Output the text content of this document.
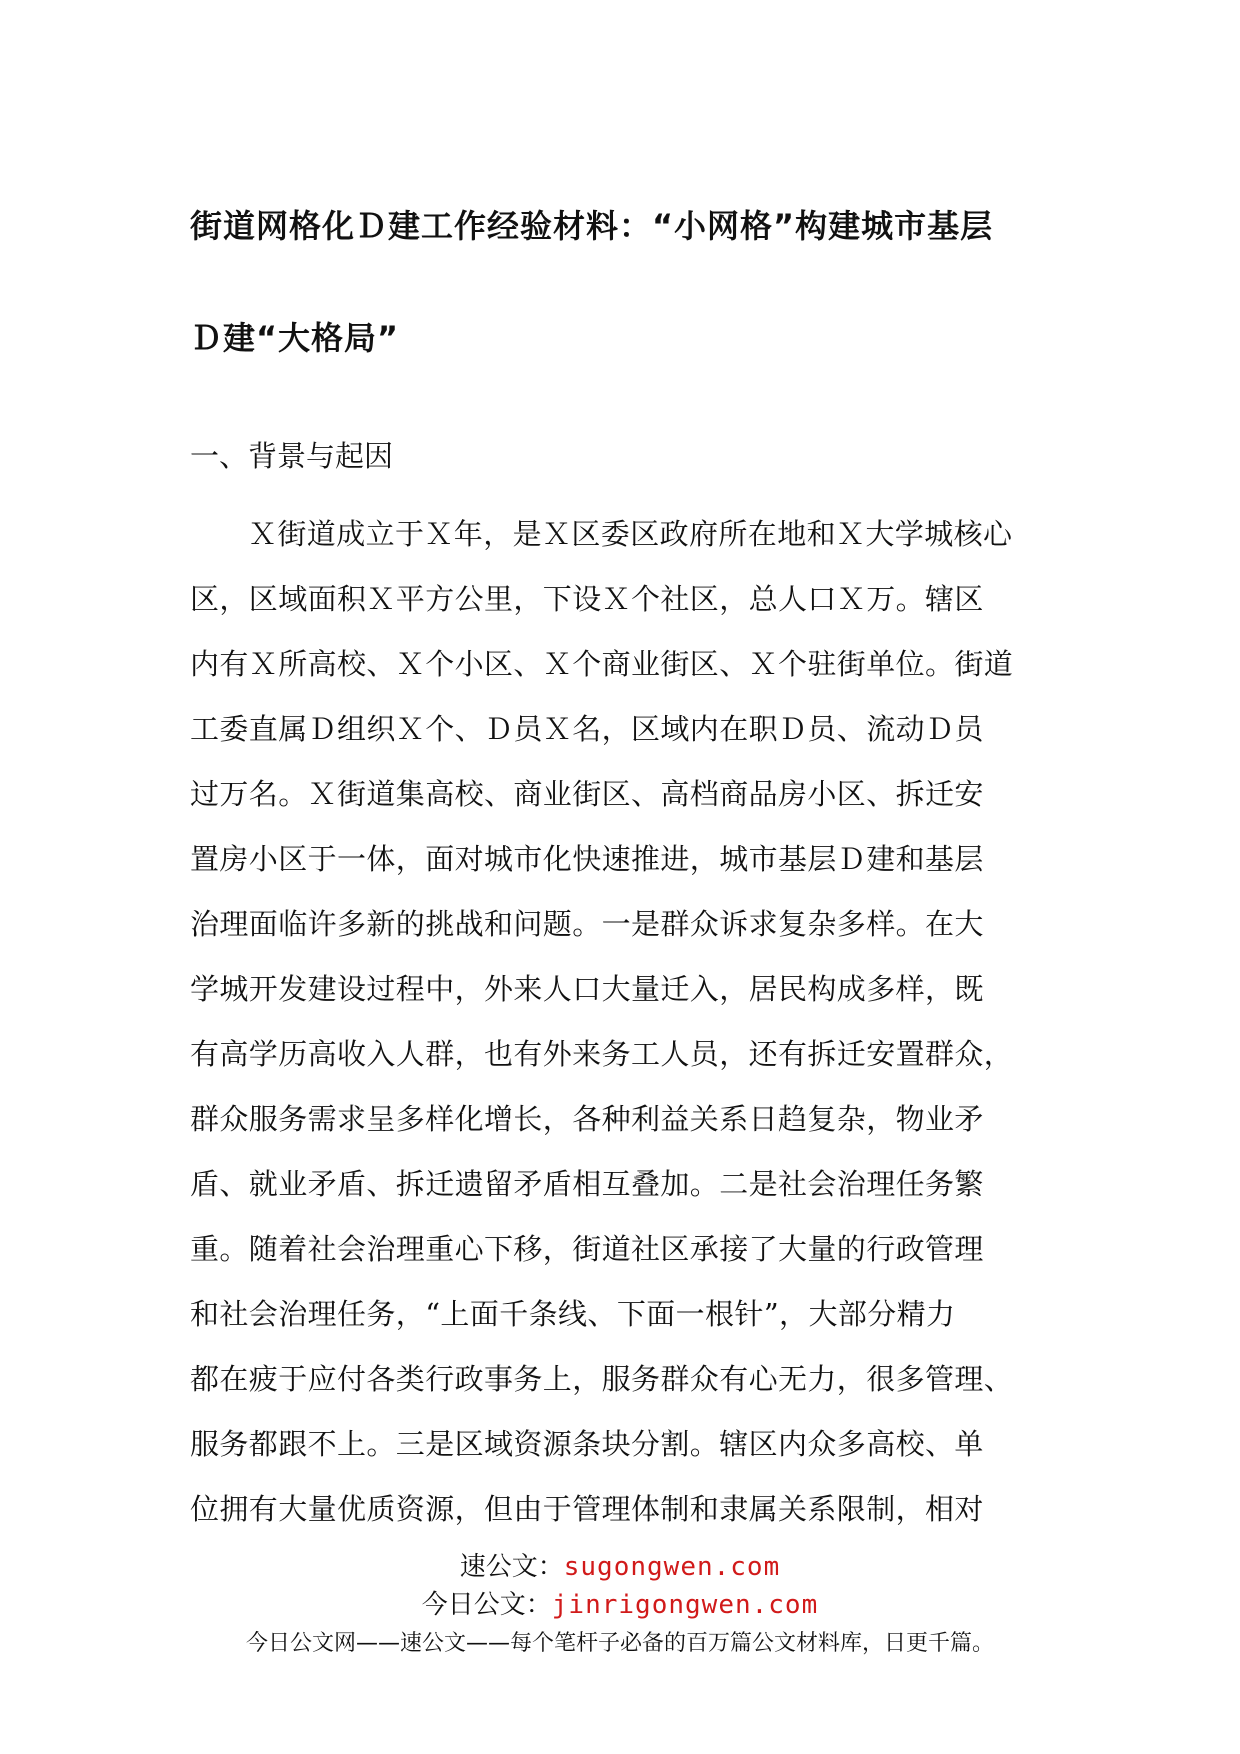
街道网格化Ｄ建工作经验材料：“小网格”构建城市基层
Ｄ建“大格局”
一、背景与起因
Ｘ街道成立于Ｘ年，是Ｘ区委区政府所在地和Ｘ大学城核心
区，区域面积Ｘ平方公里，下设Ｘ个社区，总人口Ｘ万。辖区
内有Ｘ所高校、Ｘ个小区、Ｘ个商业街区、Ｘ个驻街单位。街道
工委直属Ｄ组织Ｘ个、Ｄ员Ｘ名，区域内在职Ｄ员、流动Ｄ员
过万名。Ｘ街道集高校、商业街区、高档商品房小区、拆迁安
置房小区于一体，面对城市化快速推进，城市基层Ｄ建和基层
治理面临许多新的挑战和问题。一是群众诉求复杂多样。在大
学城开发建设过程中，外来人口大量迁入，居民构成多样，既
有高学历高收入人群，也有外来务工人员，还有拆迁安置群众，
群众服务需求呈多样化增长，各种利益关系日趋复杂，物业矛
盾、就业矛盾、拆迁遗留矛盾相互叠加。二是社会治理任务繁
重。随着社会治理重心下移，街道社区承接了大量的行政管理
和社会治理任务，“上面千条线、下面一根针”，大部分精力
都在疲于应付各类行政事务上，服务群众有心无力，很多管理、
服务都跟不上。三是区域资源条块分割。辖区内众多高校、单
位拥有大量优质资源，但由于管理体制和隶属关系限制，相对
速公文：sugongwen.com
今日公文：jinrigongwen.com
今日公文网——速公文——每个笔杆子必备的百万篇公文材料库，日更千篇。
